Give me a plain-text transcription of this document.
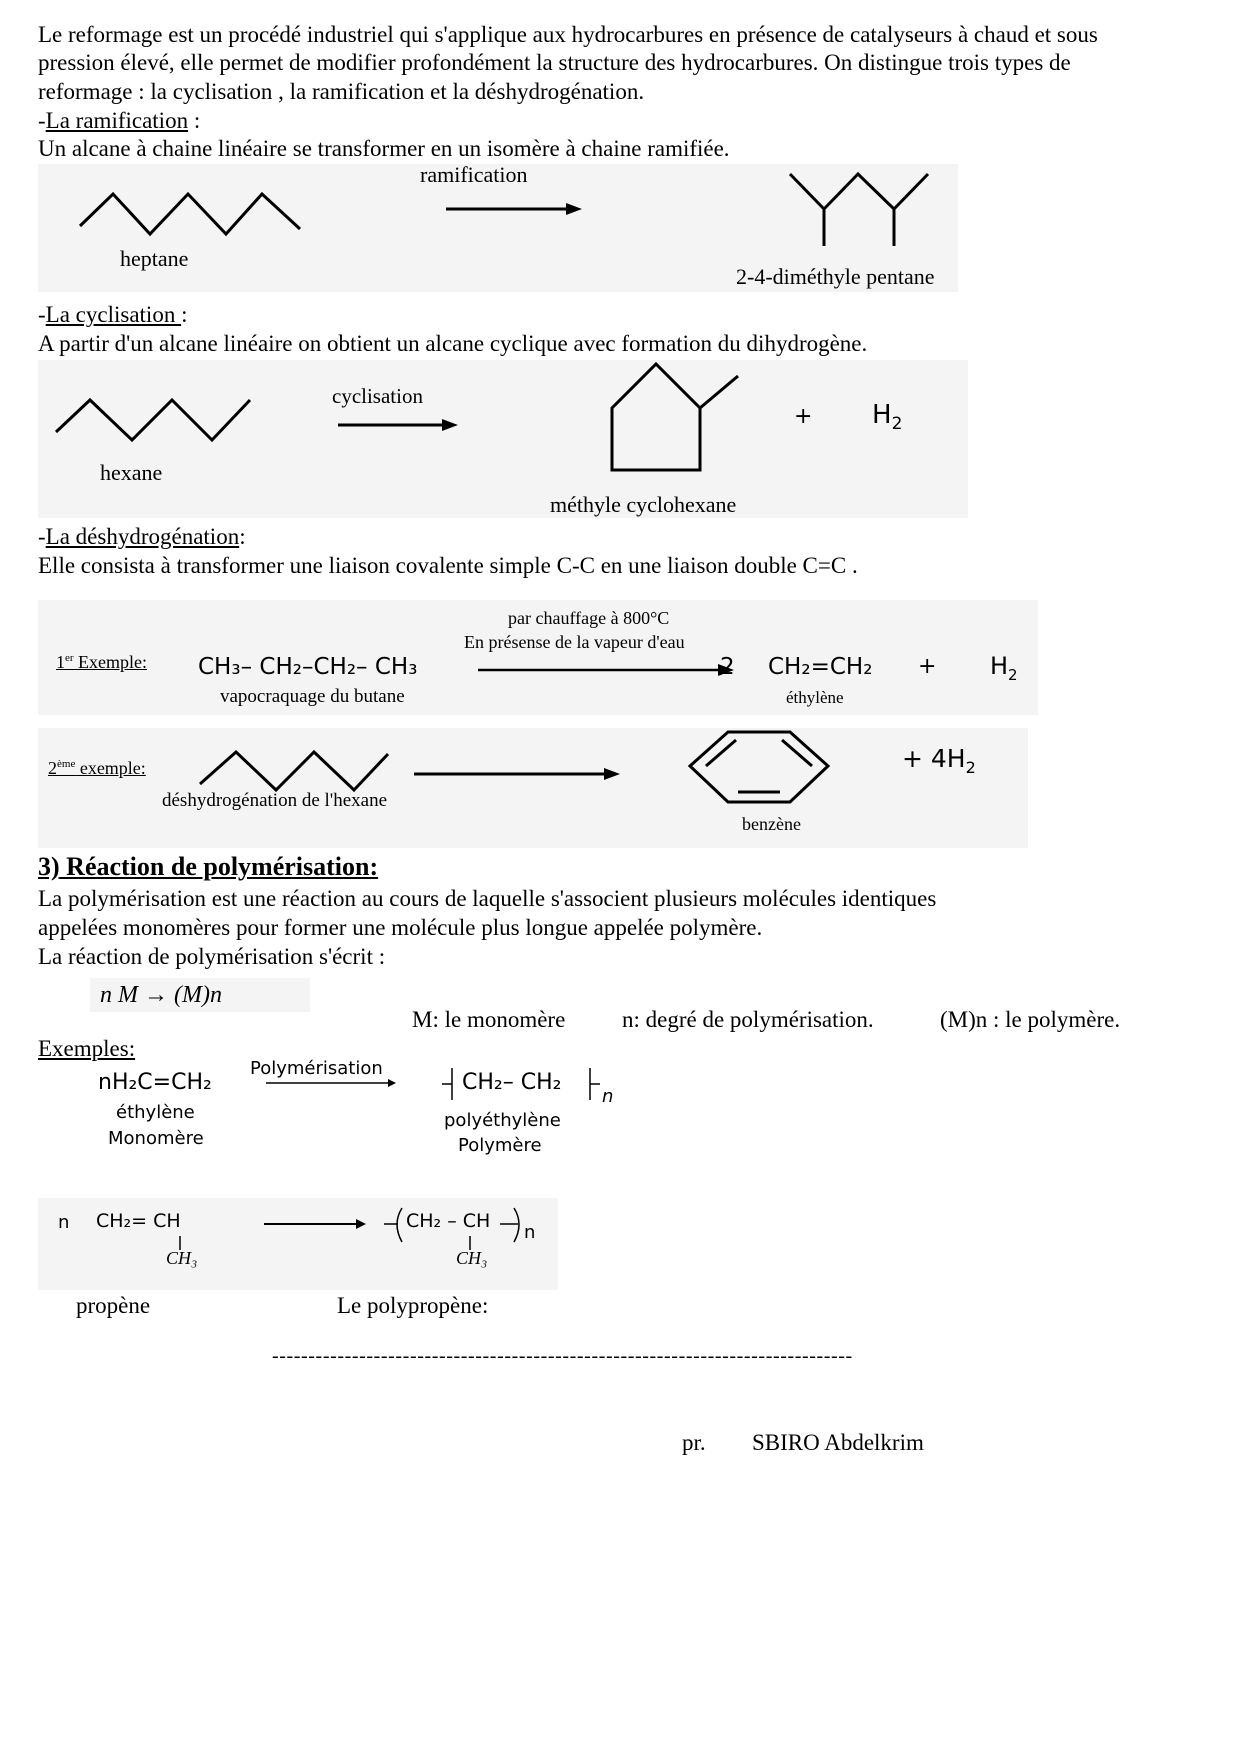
Le reformage est un procédé industriel qui s'applique aux hydrocarbures en présence de catalyseurs à chaud et sous
pression élevé, elle permet de modifier profondément la structure des hydrocarbures. On distingue trois types de
reformage : la cyclisation , la ramification et la déshydrogénation.
-La ramification :
Un alcane à chaine linéaire se transformer en un isomère à chaine ramifiée.
ramification
heptane
2-4-diméthyle pentane
-La cyclisation :
A partir d'un alcane linéaire on obtient un alcane cyclique avec formation du dihydrogène.
cyclisation
hexane
+ $H_2$
méthyle cyclohexane
-La déshydrogénation:
Elle consista à transformer une liaison covalente simple C-C en une liaison double C=C .
1er Exemple:
par chauffage à 800°C
En présense de la vapeur d'eau
CH₃– CH₂–CH₂– CH₃
vapocraquage du butane
2 CH₂=CH₂
éthylène
+ $H_2$
2ème exemple:
déshydrogénation de l'hexane
benzène
+ $4H_2$
3) Réaction de polymérisation:
La polymérisation est une réaction au cours de laquelle s'associent plusieurs molécules identiques
appelées monomères pour former une molécule plus longue appelée polymère.
La réaction de polymérisation s'écrit :
n M → (M)n
M: le monomère n: degré de polymérisation.	(M)n : le polymère.
Exemples:
nH₂C=CH₂
Polymérisation
CH₂– CH₂
n
éthylène
Monomère
polyéthylène
Polymère
n CH₂= CH
CH₃
CH₂ – CH
CH₃
n
propène	Le polypropène:
--------------------------------------------------------------------------------
pr. SBIRO Abdelkrim
